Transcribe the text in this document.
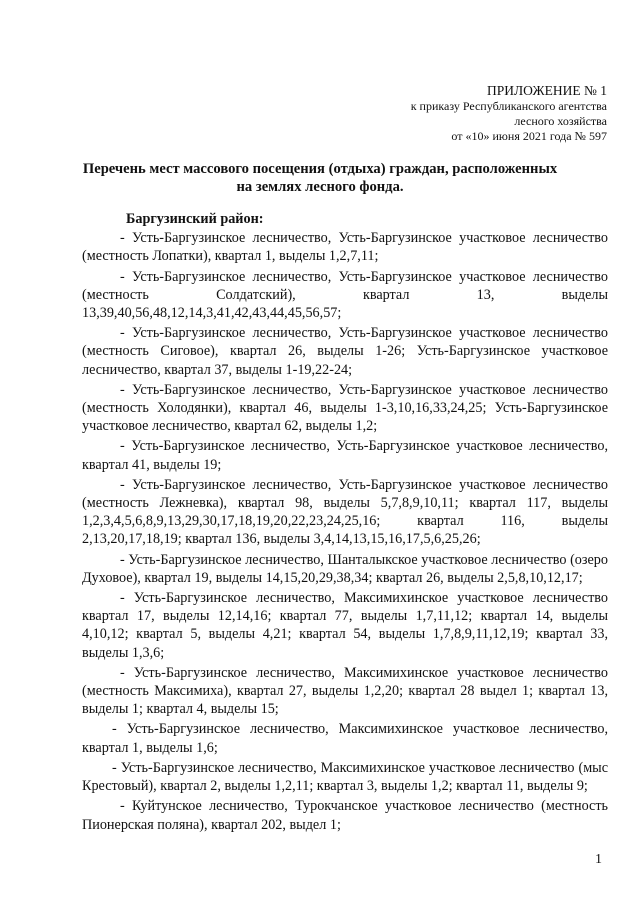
ПРИЛОЖЕНИЕ № 1
к приказу Республиканского агентства
лесного хозяйства
от «10» июня 2021 года № 597
Перечень мест массового посещения (отдыха) граждан, расположенных
на землях лесного фонда.

Баргузинский район:

- Усть-Баргузинское лесничество, Усть-Баргузинское участковое лесничество (местность Лопатки), квартал 1, выделы 1,2,7,11;

- Усть-Баргузинское лесничество, Усть-Баргузинское участковое лесничество (местность Солдатский), квартал 13, выделы 13,39,40,56,48,12,14,3,41,42,43,44,45,56,57;

- Усть-Баргузинское лесничество, Усть-Баргузинское участковое лесничество (местность Сиговое), квартал 26, выделы 1-26; Усть-Баргузинское участковое лесничество, квартал 37, выделы 1-19,22-24;

- Усть-Баргузинское лесничество, Усть-Баргузинское участковое лесничество (местность Холодянки), квартал 46, выделы 1-3,10,16,33,24,25; Усть-Баргузинское участковое лесничество, квартал 62, выделы 1,2;

- Усть-Баргузинское лесничество, Усть-Баргузинское участковое лесничество, квартал 41, выделы 19;

- Усть-Баргузинское лесничество, Усть-Баргузинское участковое лесничество (местность Лежневка), квартал 98, выделы 5,7,8,9,10,11; квартал 117, выделы 1,2,3,4,5,6,8,9,13,29,30,17,18,19,20,22,23,24,25,16; квартал 116, выделы 2,13,20,17,18,19; квартал 136, выделы 3,4,14,13,15,16,17,5,6,25,26;

- Усть-Баргузинское лесничество, Шанталыкское участковое лесничество (озеро Духовое), квартал 19, выделы 14,15,20,29,38,34; квартал 26, выделы 2,5,8,10,12,17;

- Усть-Баргузинское лесничество, Максимихинское участковое лесничество квартал 17, выделы 12,14,16; квартал 77, выделы 1,7,11,12; квартал 14, выделы 4,10,12; квартал 5, выделы 4,21; квартал 54, выделы 1,7,8,9,11,12,19; квартал 33, выделы 1,3,6;

- Усть-Баргузинское лесничество, Максимихинское участковое лесничество (местность Максимиха), квартал 27, выделы 1,2,20; квартал 28 выдел 1; квартал 13, выделы 1; квартал 4, выделы 15;

- Усть-Баргузинское лесничество, Максимихинское участковое лесничество, квартал 1, выделы 1,6;

- Усть-Баргузинское лесничество, Максимихинское участковое лесничество (мыс Крестовый), квартал 2, выделы 1,2,11; квартал 3, выделы 1,2; квартал 11, выделы 9;

- Куйтунское лесничество, Турокчанское участковое лесничество (местность Пионерская поляна), квартал 202, выдел 1;

1
